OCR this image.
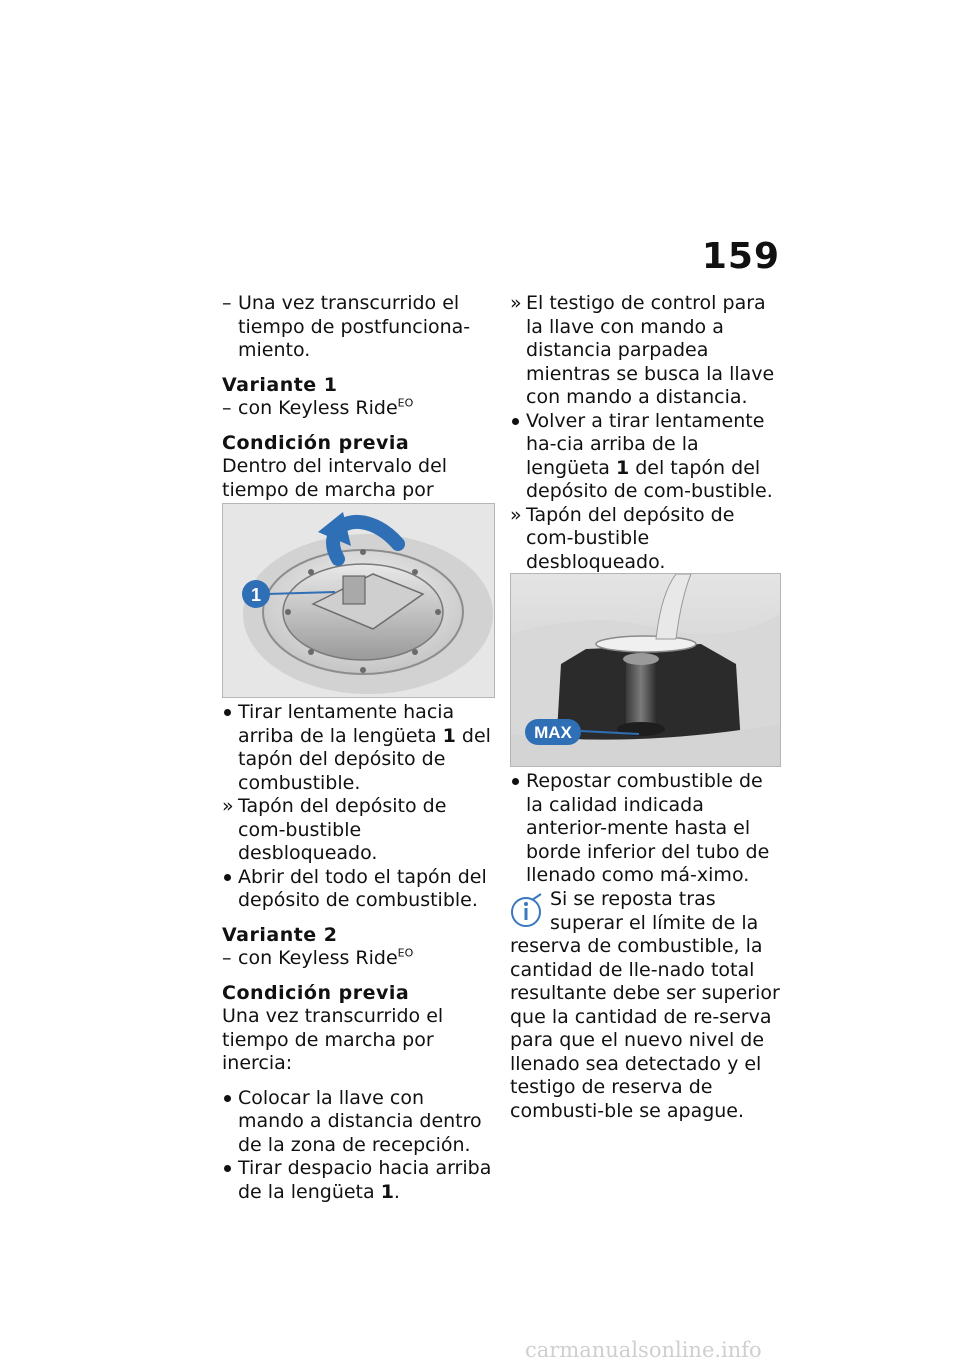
159
– Una vez transcurrido el tiempo de postfunciona-miento.
Variante 1
– con Keyless Ride$^{EO}$
Condición previa
Dentro del intervalo del tiempo de marcha por
1
Tirar lentamente hacia arriba de la lengüeta 1 del tapón del depósito de combustible.
» Tapón del depósito de com-bustible desbloqueado.
Abrir del todo el tapón del depósito de combustible.
Variante 2
– con Keyless Ride$^{EO}$
Condición previa
Una vez transcurrido el tiempo de marcha por inercia:
Colocar la llave con mando a distancia dentro de la zona de recepción.
Tirar despacio hacia arriba de la lengüeta 1.
» El testigo de control para la llave con mando a distancia parpadea mientras se busca la llave con mando a distancia.
Volver a tirar lentamente ha-cia arriba de la lengüeta 1 del tapón del depósito de com-bustible.
» Tapón del depósito de com-bustible desbloqueado.
MAX
Repostar combustible de la calidad indicada anterior-mente hasta el borde inferior del tubo de llenado como má-ximo.
Si se reposta tras superar el límite de la reserva de combustible, la cantidad de lle-nado total resultante debe ser superior que la cantidad de re-serva para que el nuevo nivel de llenado sea detectado y el testigo de reserva de combusti-ble se apague.
carmanualsonline.info
